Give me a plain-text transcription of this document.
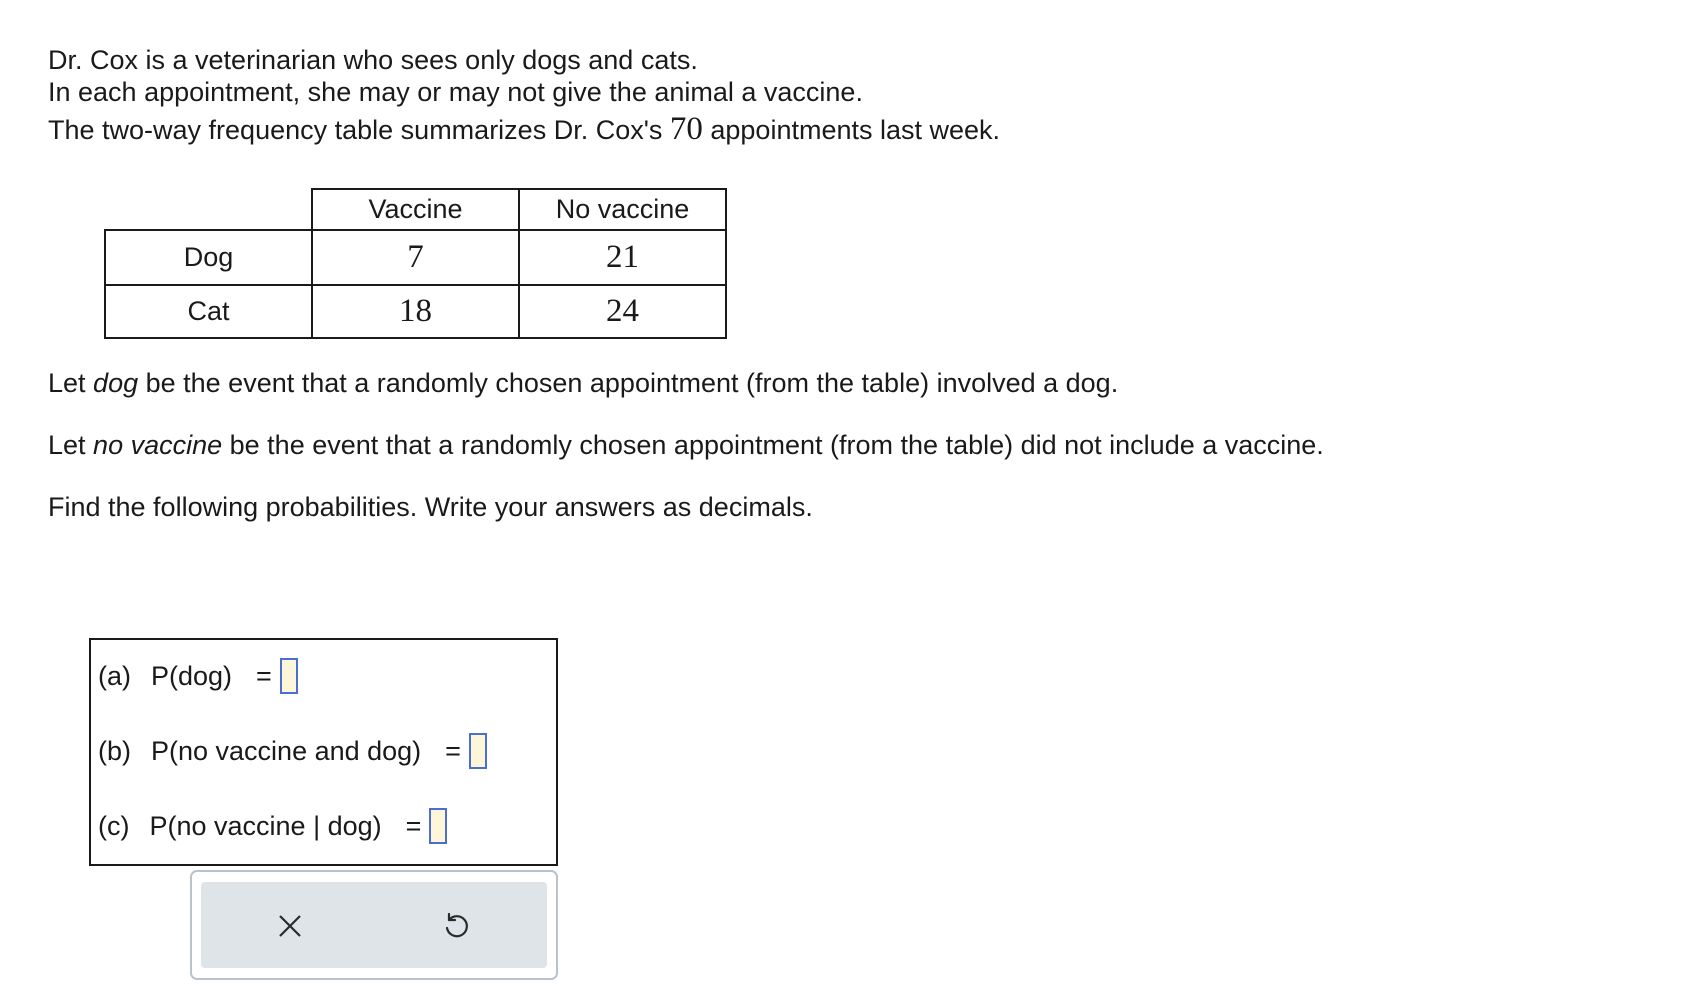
Dr. Cox is a veterinarian who sees only dogs and cats.
In each appointment, she may or may not give the animal a vaccine.
The two-way frequency table summarizes Dr. Cox's 70 appointments last week.
	Vaccine	No vaccine
Dog	7	21
Cat	18	24
Let dog be the event that a randomly chosen appointment (from the table) involved a dog.
Let no vaccine be the event that a randomly chosen appointment (from the table) did not include a vaccine.
Find the following probabilities. Write your answers as decimals.
(a) P(dog) =
(b) P(no vaccine and dog) =
(c) P(no vaccine | dog) =
